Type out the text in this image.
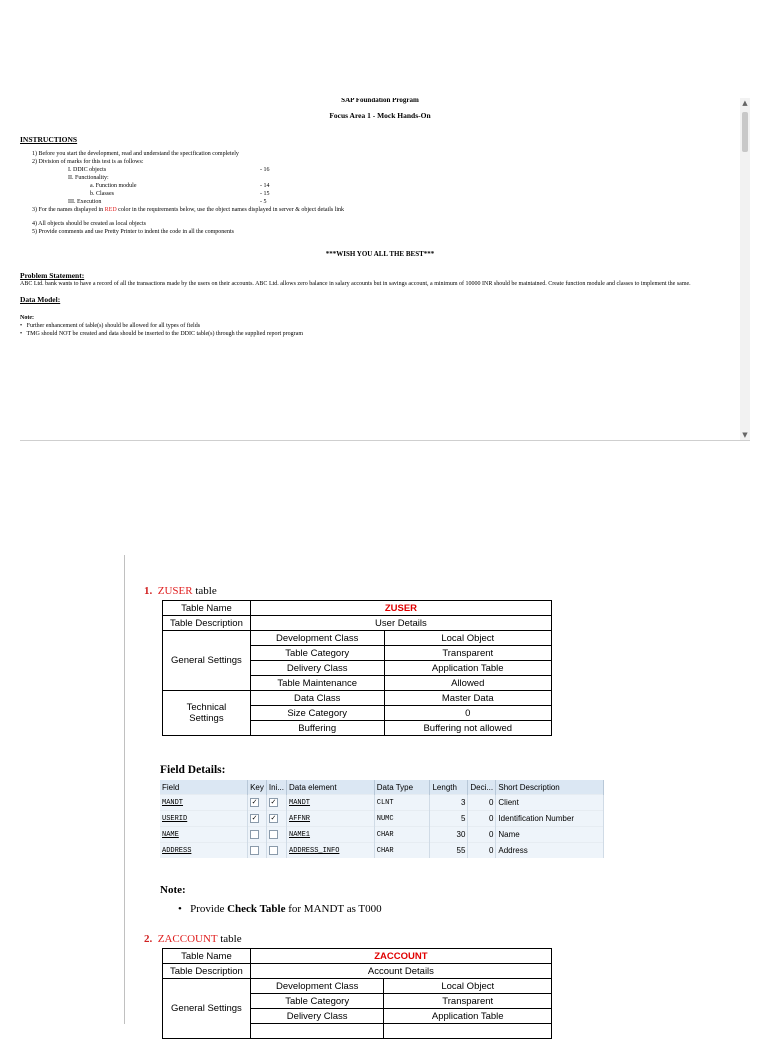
SAP Foundation Program
Focus Area 1 - Mock Hands-On
INSTRUCTIONS
1) Before you start the development, read and understand the specification completely
2) Division of marks for this test is as follows:
I. DDIC objects	- 16
II. Functionality:
a. Function module	- 14
b. Classes	- 15
III. Execution	- 5
3) For the names displayed in RED color in the requirements below, use the object names displayed in server & object details link
4) All objects should be created as local objects
5) Provide comments and use Pretty Printer to indent the code in all the components
***WISH YOU ALL THE BEST***
Problem Statement:
ABC Ltd. bank wants to have a record of all the transactions made by the users on their accounts. ABC Ltd. allows zero balance in salary accounts but in savings account, a minimum of 10000 INR should be maintained. Create function module and classes to implement the same.
Data Model:
Note:
•   Further enhancement of table(s) should be allowed for all types of fields
•   TMG should NOT be created and data should be inserted to the DDIC table(s) through the supplied report program
▲
▼
1. ZUSER table
Table Name	ZUSER	
Table Description	User Details	
General Settings	Development Class	Local Object
	Table Category	Transparent
	Delivery Class	Application Table
	Table Maintenance	Allowed
Technical Settings	Data Class	Master Data
	Size Category	0
	Buffering	Buffering not allowed
Field Details:
Field	Key	Ini...	Data element	Data Type	Length	Deci...	Short Description
MANDT	✓	✓	MANDT	CLNT	3	0	Client
USERID	✓	✓	AFFNR	NUMC	5	0	Identification Number
NAME			NAME1	CHAR	30	0	Name
ADDRESS			ADDRESS_INFO	CHAR	55	0	Address
Note:
• Provide Check Table for MANDT as T000
2. ZACCOUNT table
Table Name	ZACCOUNT	
Table Description	Account Details	
General Settings	Development Class	Local Object
	Table Category	Transparent
	Delivery Class	Application Table
